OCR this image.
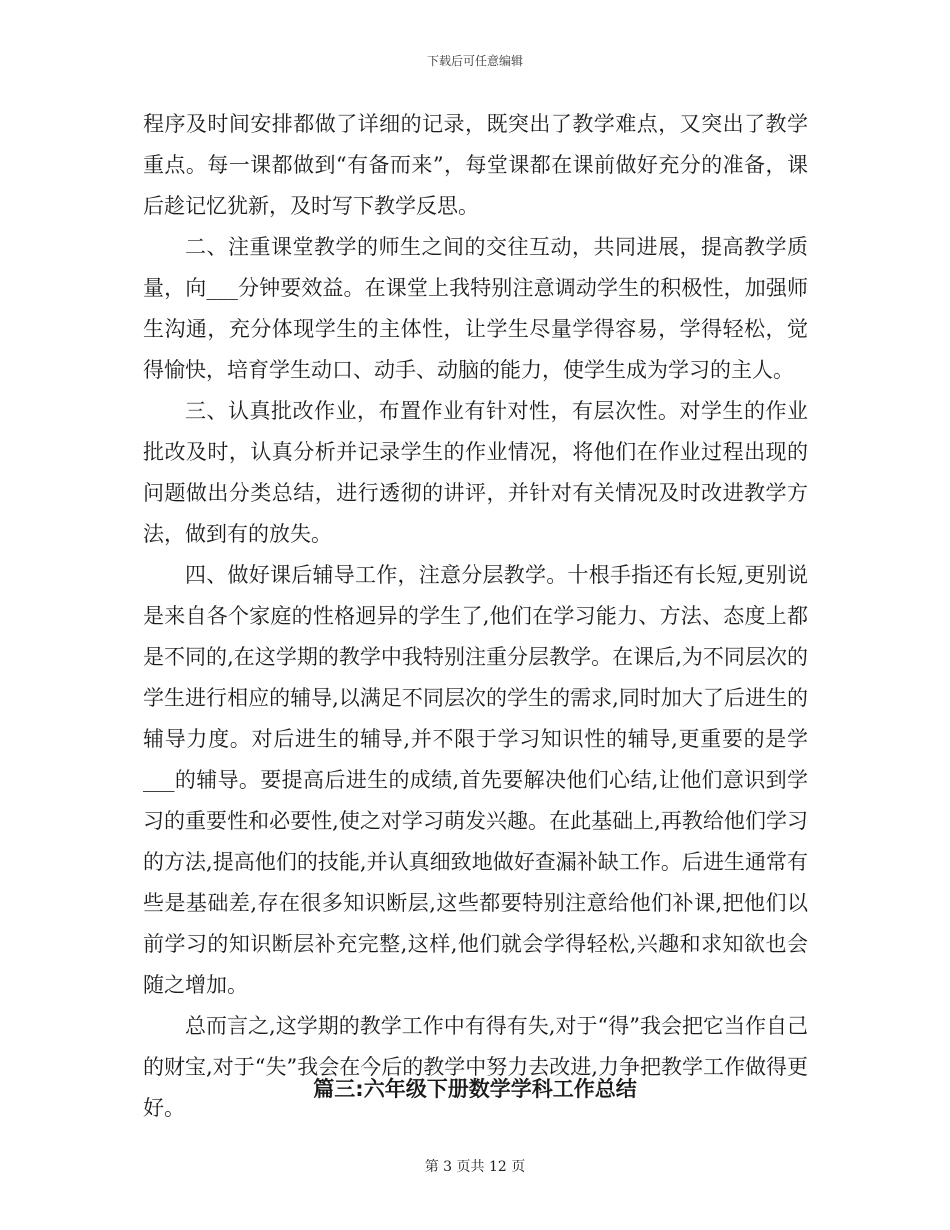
下载后可任意编辑

程序及时间安排都做了详细的记录，既突出了教学难点，又突出了教学重点。每一课都做到“有备而来”，每堂课都在课前做好充分的准备，课后趁记忆犹新，及时写下教学反思。

二、注重课堂教学的师生之间的交往互动，共同进展，提高教学质量，向___分钟要效益。在课堂上我特别注意调动学生的积极性，加强师生沟通，充分体现学生的主体性，让学生尽量学得容易，学得轻松，觉得愉快，培育学生动口、动手、动脑的能力，使学生成为学习的主人。

三、认真批改作业，布置作业有针对性，有层次性。对学生的作业批改及时，认真分析并记录学生的作业情况，将他们在作业过程出现的问题做出分类总结，进行透彻的讲评，并针对有关情况及时改进教学方法，做到有的放失。

四、做好课后辅导工作，注意分层教学。十根手指还有长短,更别说是来自各个家庭的性格迥异的学生了,他们在学习能力、方法、态度上都是不同的,在这学期的教学中我特别注重分层教学。在课后,为不同层次的学生进行相应的辅导,以满足不同层次的学生的需求,同时加大了后进生的辅导力度。对后进生的辅导,并不限于学习知识性的辅导,更重要的是学___的辅导。要提高后进生的成绩,首先要解决他们心结,让他们意识到学习的重要性和必要性,使之对学习萌发兴趣。在此基础上,再教给他们学习的方法,提高他们的技能,并认真细致地做好查漏补缺工作。后进生通常有些是基础差,存在很多知识断层,这些都要特别注意给他们补课,把他们以前学习的知识断层补充完整,这样,他们就会学得轻松,兴趣和求知欲也会随之增加。

总而言之,这学期的教学工作中有得有失,对于“得”我会把它当作自己的财宝,对于“失”我会在今后的教学中努力去改进,力争把教学工作做得更好。

篇三:六年级下册数学学科工作总结
第 3 页共 12 页
